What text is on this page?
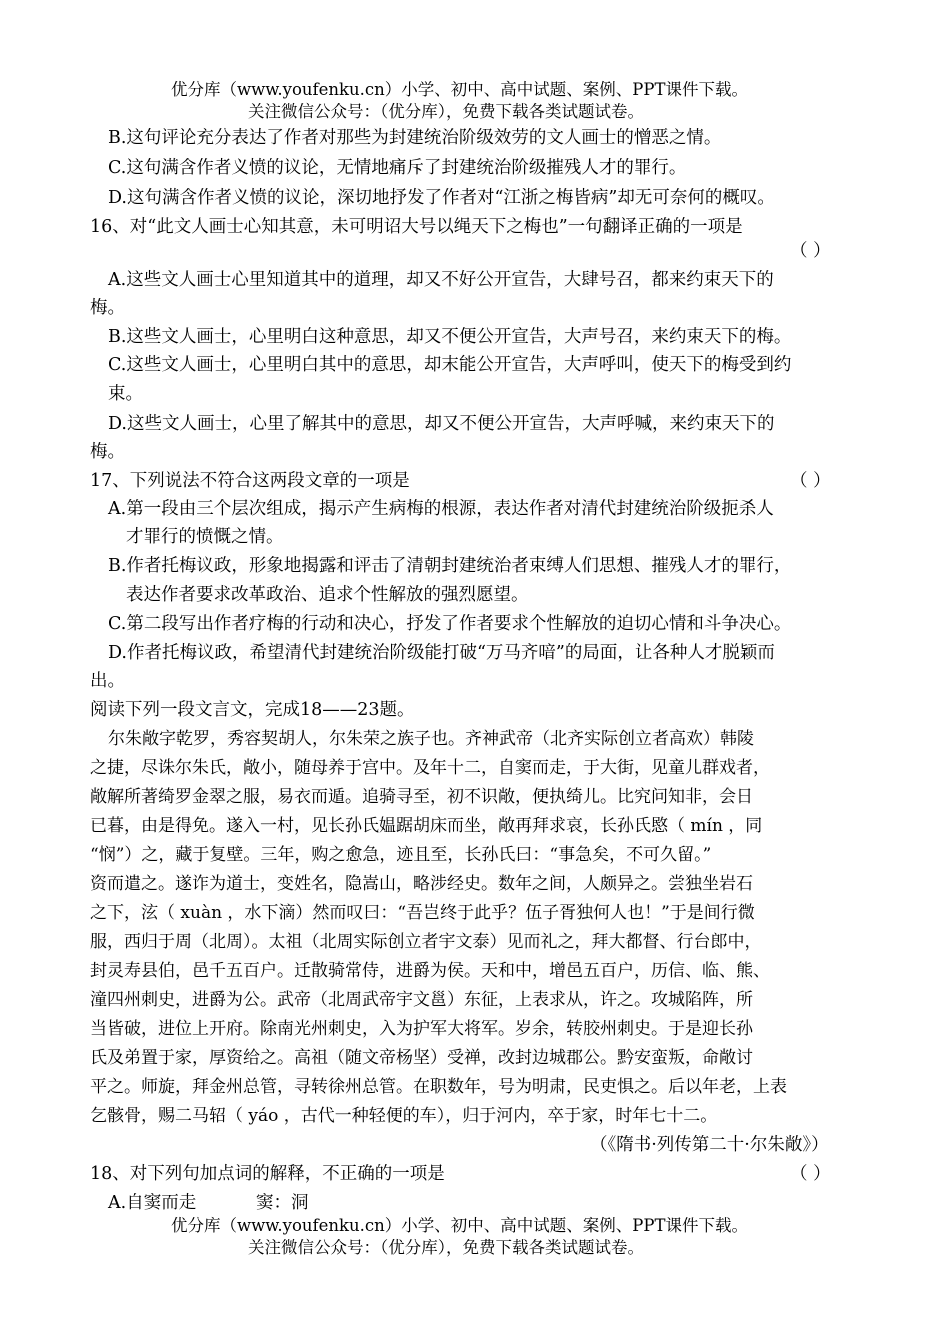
优分库（www.youfenku.cn）小学、初中、高中试题、案例、PPT课件下载。
关注微信公众号：（优分库），免费下载各类试题试卷。
B.这句评论充分表达了作者对那些为封建统治阶级效劳的文人画士的憎恶之情。
C.这句满含作者义愤的议论，无情地痛斥了封建统治阶级摧残人才的罪行。
D.这句满含作者义愤的议论，深切地抒发了作者对“江浙之梅皆病”却无可奈何的概叹。
16、对“此文人画士心知其意，未可明诏大号以绳天下之梅也”一句翻译正确的一项是
（ ）
A.这些文人画士心里知道其中的道理，却又不好公开宣告，大肆号召，都来约束天下的
梅。
B.这些文人画士，心里明白这种意思，却又不便公开宣告，大声号召，来约束天下的梅。
C.这些文人画士，心里明白其中的意思，却末能公开宣告，大声呼叫，使天下的梅受到约
束。
D.这些文人画士，心里了解其中的意思，却又不便公开宣告，大声呼喊，来约束天下的
梅。
17、下列说法不符合这两段文章的一项是	（ ）
A.第一段由三个层次组成，揭示产生病梅的根源，表达作者对清代封建统治阶级扼杀人
才罪行的愤慨之情。
B.作者托梅议政，形象地揭露和评击了清朝封建统治者束缚人们思想、摧残人才的罪行，
表达作者要求改革政治、追求个性解放的强烈愿望。
C.第二段写出作者疗梅的行动和决心，抒发了作者要求个性解放的迫切心情和斗争决心。
D.作者托梅议政，希望清代封建统治阶级能打破“万马齐喑”的局面，让各种人才脱颖而
出。
阅读下列一段文言文，完成18——23题。
尔朱敞字乾罗，秀容契胡人，尔朱荣之族子也。齐神武帝（北齐实际创立者高欢）韩陵
之捷，尽诛尔朱氏，敞小，随母养于宫中。及年十二，自窦而走，于大街，见童儿群戏者，
敞解所著绮罗金翠之服，易衣而遁。追骑寻至，初不识敞，便执绮儿。比究问知非，会日
已暮，由是得免。遂入一村，见长孙氏媪踞胡床而坐，敞再拜求哀，长孙氏愍（ mín ，同
“悯”）之，藏于复壁。三年，购之愈急，迹且至，长孙氏曰：“事急矣，不可久留。”
资而遣之。遂诈为道士，变姓名，隐嵩山，略涉经史。数年之间，人颇异之。尝独坐岩石
之下，泫（ xuàn ，水下滴）然而叹曰：“吾岂终于此乎？伍子胥独何人也！”于是间行微
服，西归于周（北周）。太祖（北周实际创立者宇文泰）见而礼之，拜大都督、行台郎中，
封灵寿县伯，邑千五百户。迁散骑常侍，进爵为侯。天和中，增邑五百户，历信、临、熊、
潼四州刺史，进爵为公。武帝（北周武帝宇文邕）东征，上表求从，许之。攻城陷阵，所
当皆破，进位上开府。除南光州刺史，入为护军大将军。岁余，转胶州刺史。于是迎长孙
氏及弟置于家，厚资给之。高祖（随文帝杨坚）受禅，改封边城郡公。黔安蛮叛，命敞讨
平之。师旋，拜金州总管，寻转徐州总管。在职数年，号为明肃，民吏惧之。后以年老，上表
乞骸骨，赐二马轺（ yáo ，古代一种轻便的车），归于河内，卒于家，时年七十二。
（《隋书·列传第二十·尔朱敞》）
18、对下列句加点词的解释，不正确的一项是	（ ）
A.自窦而走	窦：洞
优分库（www.youfenku.cn）小学、初中、高中试题、案例、PPT课件下载。
关注微信公众号：（优分库），免费下载各类试题试卷。
